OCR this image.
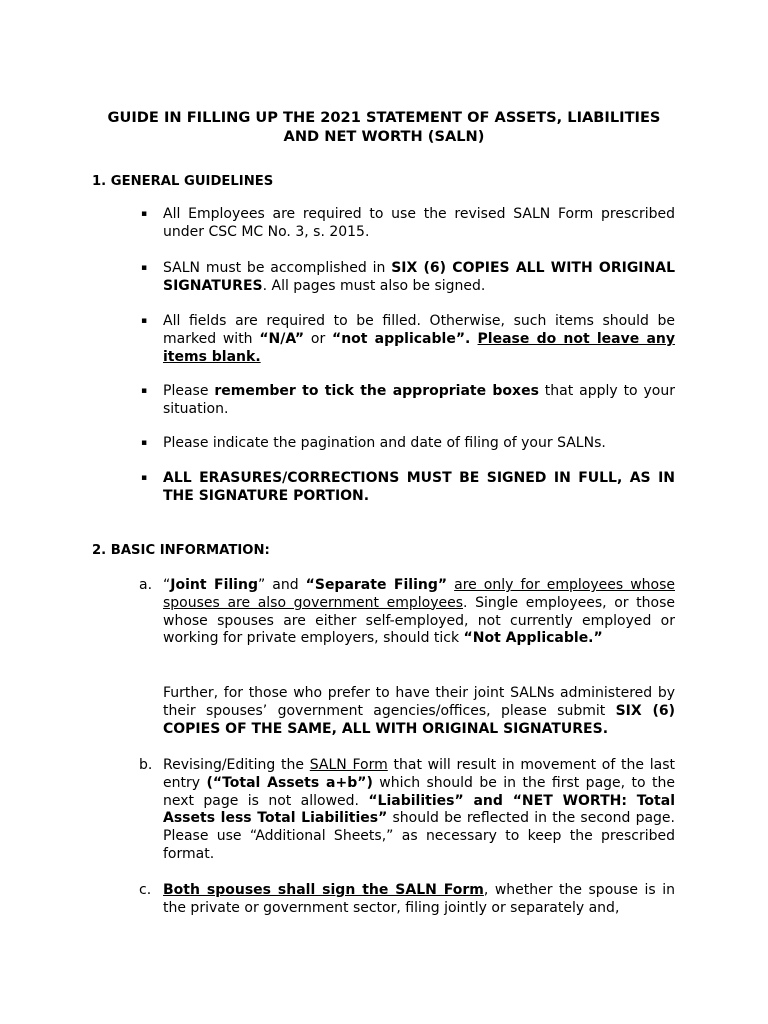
GUIDE IN FILLING UP THE 2021 STATEMENT OF ASSETS, LIABILITIES
AND NET WORTH (SALN)
1. GENERAL GUIDELINES
▪ All Employees are required to use the revised SALN Form prescribed under CSC MC No. 3, s. 2015.
▪ SALN must be accomplished in SIX (6) COPIES ALL WITH ORIGINAL SIGNATURES. All pages must also be signed.
▪ All fields are required to be filled. Otherwise, such items should be marked with “N/A” or “not applicable”. Please do not leave any items blank.
▪ Please remember to tick the appropriate boxes that apply to your situation.
▪ Please indicate the pagination and date of filing of your SALNs.
▪ ALL ERASURES/CORRECTIONS MUST BE SIGNED IN FULL, AS IN THE SIGNATURE PORTION.
2. BASIC INFORMATION:
a. “Joint Filing” and “Separate Filing” are only for employees whose spouses are also government employees. Single employees, or those whose spouses are either self-employed, not currently employed or working for private employers, should tick “Not Applicable.”
Further, for those who prefer to have their joint SALNs administered by their spouses’ government agencies/offices, please submit SIX (6) COPIES OF THE SAME, ALL WITH ORIGINAL SIGNATURES.
b. Revising/Editing the SALN Form that will result in movement of the last entry (“Total Assets a+b”) which should be in the first page, to the next page is not allowed. “Liabilities” and “NET WORTH: Total Assets less Total Liabilities” should be reflected in the second page. Please use “Additional Sheets,” as necessary to keep the prescribed format.
c. Both spouses shall sign the SALN Form, whether the spouse is in the private or government sector, filing jointly or separately and,
